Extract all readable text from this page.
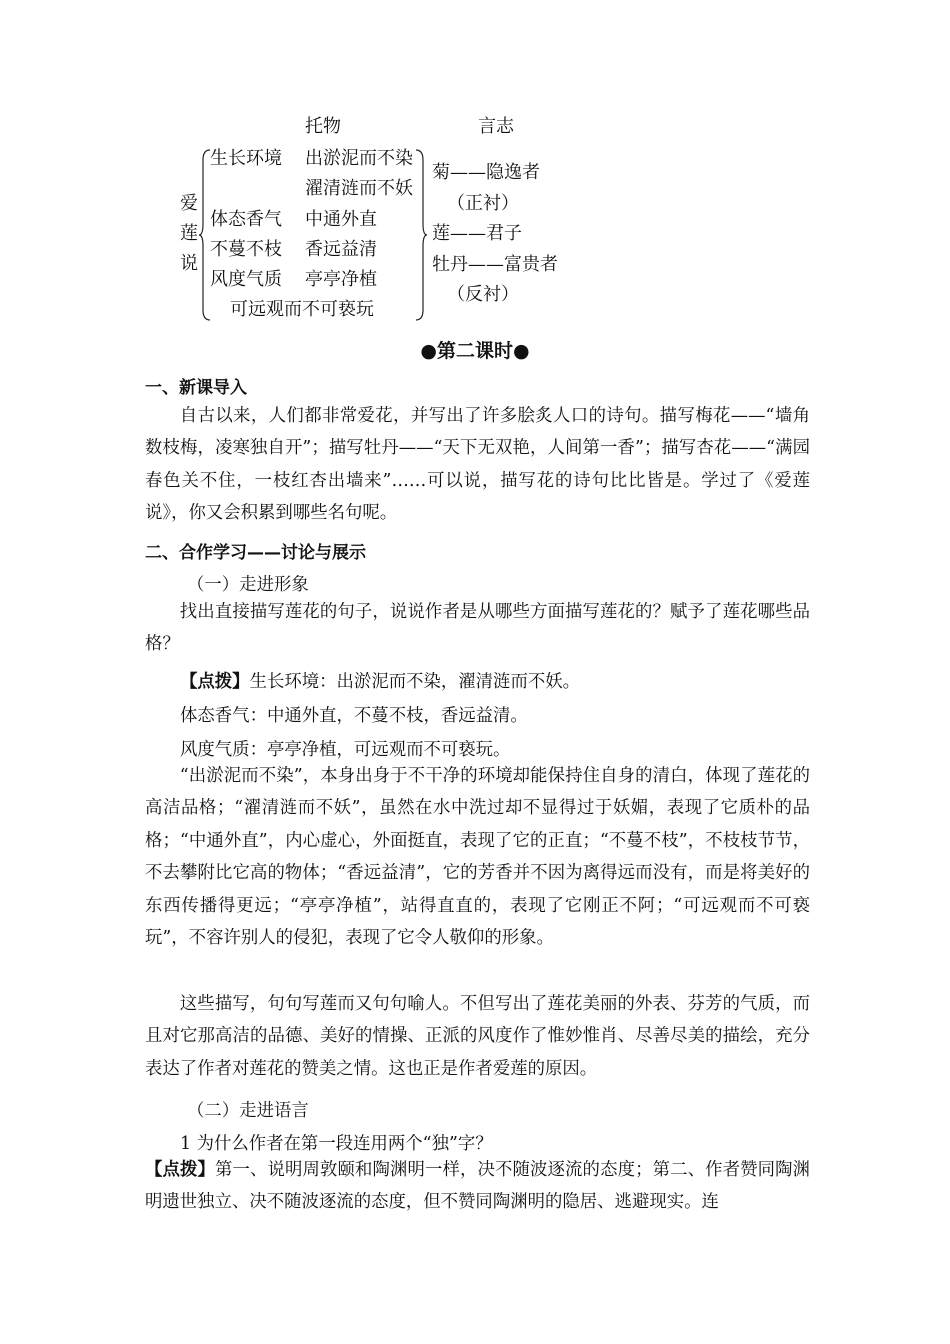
托物	言志
爱
莲
说
生长环境 出淤泥而不染
濯清涟而不妖
体态香气 中通外直
不蔓不枝 香远益清
风度气质 亭亭净植
可远观而不可亵玩
菊——隐逸者
（正衬）
莲——君子
牡丹——富贵者
（反衬）
●第二课时●
一、新课导入

自古以来，人们都非常爱花，并写出了许多脍炙人口的诗句。描写梅花——“墙角数枝梅，凌寒独自开”；描写牡丹——“天下无双艳，人间第一香”；描写杏花——“满园春色关不住，一枝红杏出墙来”……可以说，描写花的诗句比比皆是。学过了《爱莲说》，你又会积累到哪些名句呢。

二、合作学习——讨论与展示
（一）走进形象

找出直接描写莲花的句子，说说作者是从哪些方面描写莲花的？赋予了莲花哪些品格？

【点拨】生长环境：出淤泥而不染，濯清涟而不妖。
体态香气：中通外直，不蔓不枝，香远益清。
风度气质：亭亭净植，可远观而不可亵玩。

“出淤泥而不染”，本身出身于不干净的环境却能保持住自身的清白，体现了莲花的高洁品格；“濯清涟而不妖”，虽然在水中洗过却不显得过于妖媚，表现了它质朴的品格；“中通外直”，内心虚心，外面挺直，表现了它的正直；“不蔓不枝”，不枝枝节节，不去攀附比它高的物体；“香远益清”，它的芳香并不因为离得远而没有，而是将美好的东西传播得更远；“亭亭净植”，站得直直的，表现了它刚正不阿；“可远观而不可亵玩”，不容许别人的侵犯，表现了它令人敬仰的形象。

这些描写，句句写莲而又句句喻人。不但写出了莲花美丽的外表、芬芳的气质，而且对它那高洁的品德、美好的情操、正派的风度作了惟妙惟肖、尽善尽美的描绘，充分表达了作者对莲花的赞美之情。这也正是作者爱莲的原因。

（二）走进语言
1 为什么作者在第一段连用两个“独”字？

【点拨】第一、说明周敦颐和陶渊明一样，决不随波逐流的态度；第二、作者赞同陶渊明遗世独立、决不随波逐流的态度，但不赞同陶渊明的隐居、逃避现实。连
